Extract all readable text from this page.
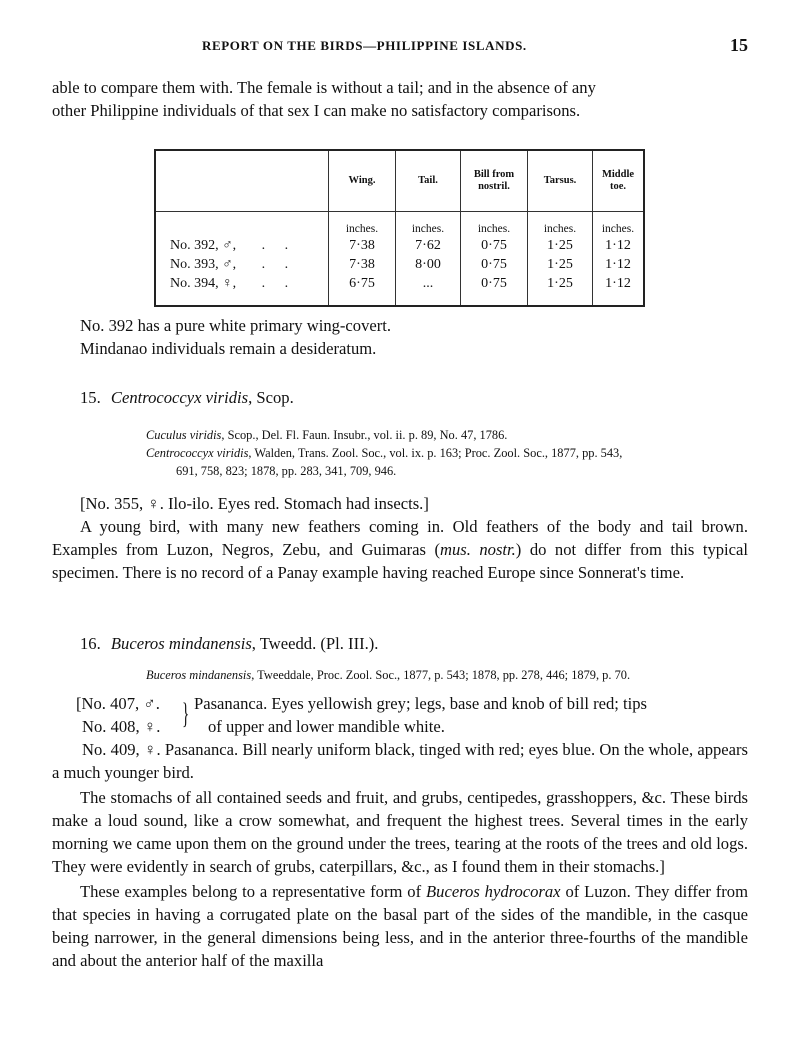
REPORT ON THE BIRDS—PHILIPPINE ISLANDS.	15

able to compare them with. The female is without a tail; and in the absence of any

other Philippine individuals of that sex I can make no satisfactory comparisons.

	Wing.	Tail.	Bill from nostril.	Tarsus.	Middle toe.
	inches.	inches.	inches.	inches.	inches.
No. 392, ♂, . .	7·38	7·62	0·75	1·25	1·12
No. 393, ♂, . .	7·38	8·00	0·75	1·25	1·12
No. 394, ♀, . .	6·75	...	0·75	1·25	1·12

No. 392 has a pure white primary wing-covert.

Mindanao individuals remain a desideratum.

15. Centrococcyx viridis, Scop.
Cuculus viridis, Scop., Del. Fl. Faun. Insubr., vol. ii. p. 89, No. 47, 1786.
Centrococcyx viridis, Walden, Trans. Zool. Soc., vol. ix. p. 163; Proc. Zool. Soc., 1877, pp. 543,
691, 758, 823; 1878, pp. 283, 341, 709, 946.

[No. 355, ♀. Ilo-ilo. Eyes red. Stomach had insects.]

A young bird, with many new feathers coming in. Old feathers of the body and tail brown. Examples from Luzon, Negros, Zebu, and Guimaras (mus. nostr.) do not differ from this typical specimen. There is no record of a Panay example having reached Europe since Sonnerat's time.

16. Buceros mindanensis, Tweedd. (Pl. III.).
Buceros mindanensis, Tweeddale, Proc. Zool. Soc., 1877, p. 543; 1878, pp. 278, 446; 1879, p. 70.
[No. 407, ♂.
No. 408, ♀. } Pasananca. Eyes yellowish grey; legs, base and knob of bill red; tips
of upper and lower mandible white.

No. 409, ♀. Pasananca. Bill nearly uniform black, tinged with red; eyes blue. On the whole, appears a much younger bird.

The stomachs of all contained seeds and fruit, and grubs, centipedes, grasshoppers, &c. These birds make a loud sound, like a crow somewhat, and frequent the highest trees. Several times in the early morning we came upon them on the ground under the trees, tearing at the roots of the trees and old logs. They were evidently in search of grubs, caterpillars, &c., as I found them in their stomachs.]

These examples belong to a representative form of Buceros hydrocorax of Luzon. They differ from that species in having a corrugated plate on the basal part of the sides of the mandible, in the casque being narrower, in the general dimensions being less, and in the anterior three-fourths of the mandible and about the anterior half of the maxilla
